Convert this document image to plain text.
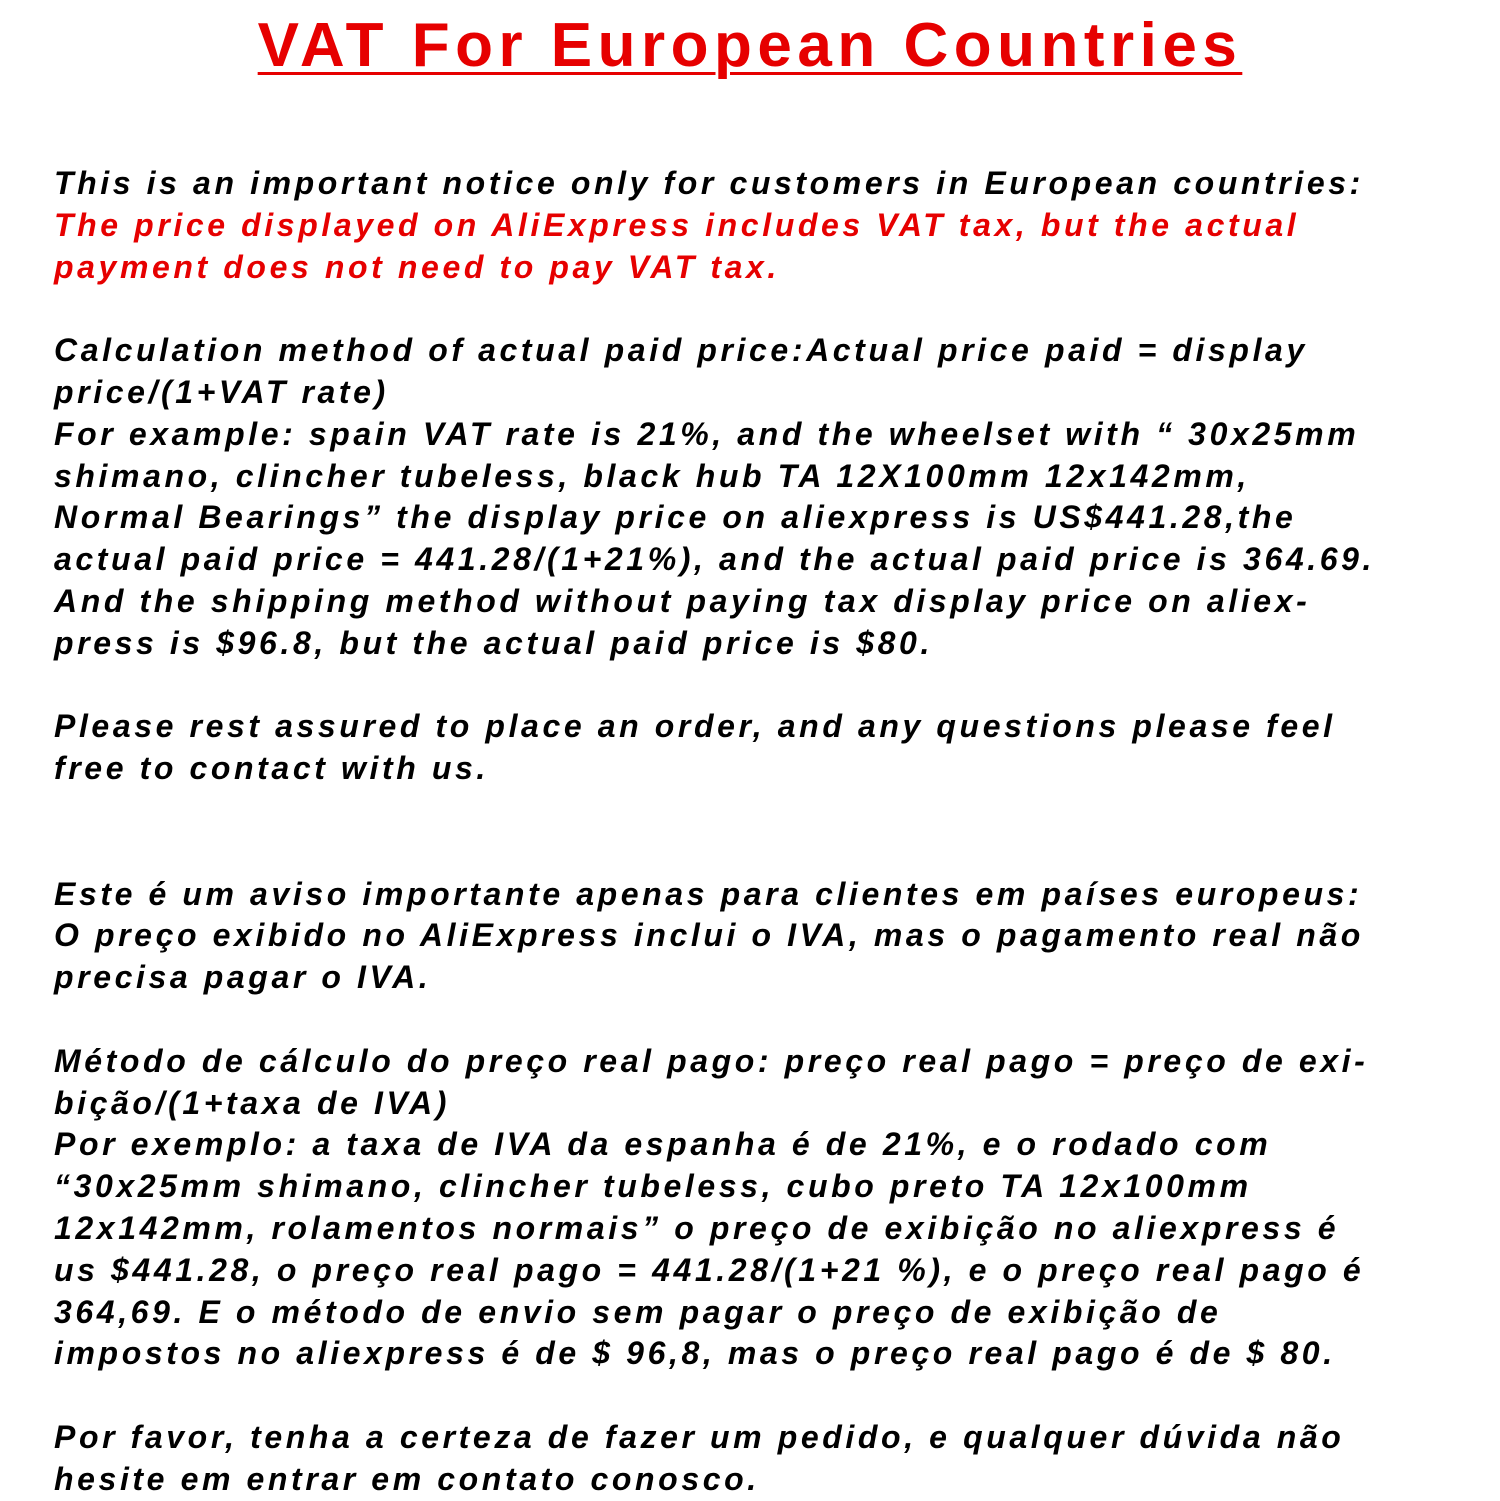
VAT For European Countries
This is an important notice only for customers in European countries:
The price displayed on AliExpress includes VAT tax, but the actual
payment does not need to pay VAT tax.
Calculation method of actual paid price:Actual price paid = display
price/(1+VAT rate)
For example: spain VAT rate is 21%, and the wheelset with “ 30x25mm
shimano, clincher tubeless, black hub TA 12X100mm 12x142mm,
Normal Bearings” the display price on aliexpress is US$441.28,the
actual paid price = 441.28/(1+21%), and the actual paid price is 364.69.
And the shipping method without paying tax display price on aliex-
press is $96.8, but the actual paid price is $80.
Please rest assured to place an order, and any questions please feel
free to contact with us.
Este é um aviso importante apenas para clientes em países europeus:
O preço exibido no AliExpress inclui o IVA, mas o pagamento real não
precisa pagar o IVA.
Método de cálculo do preço real pago: preço real pago = preço de exi-
bição/(1+taxa de IVA)
Por exemplo: a taxa de IVA da espanha é de 21%, e o rodado com
“30x25mm shimano, clincher tubeless, cubo preto TA 12x100mm
12x142mm, rolamentos normais” o preço de exibição no aliexpress é
us $441.28, o preço real pago = 441.28/(1+21 %), e o preço real pago é
364,69. E o método de envio sem pagar o preço de exibição de
impostos no aliexpress é de $ 96,8, mas o preço real pago é de $ 80.
Por favor, tenha a certeza de fazer um pedido, e qualquer dúvida não
hesite em entrar em contato conosco.
